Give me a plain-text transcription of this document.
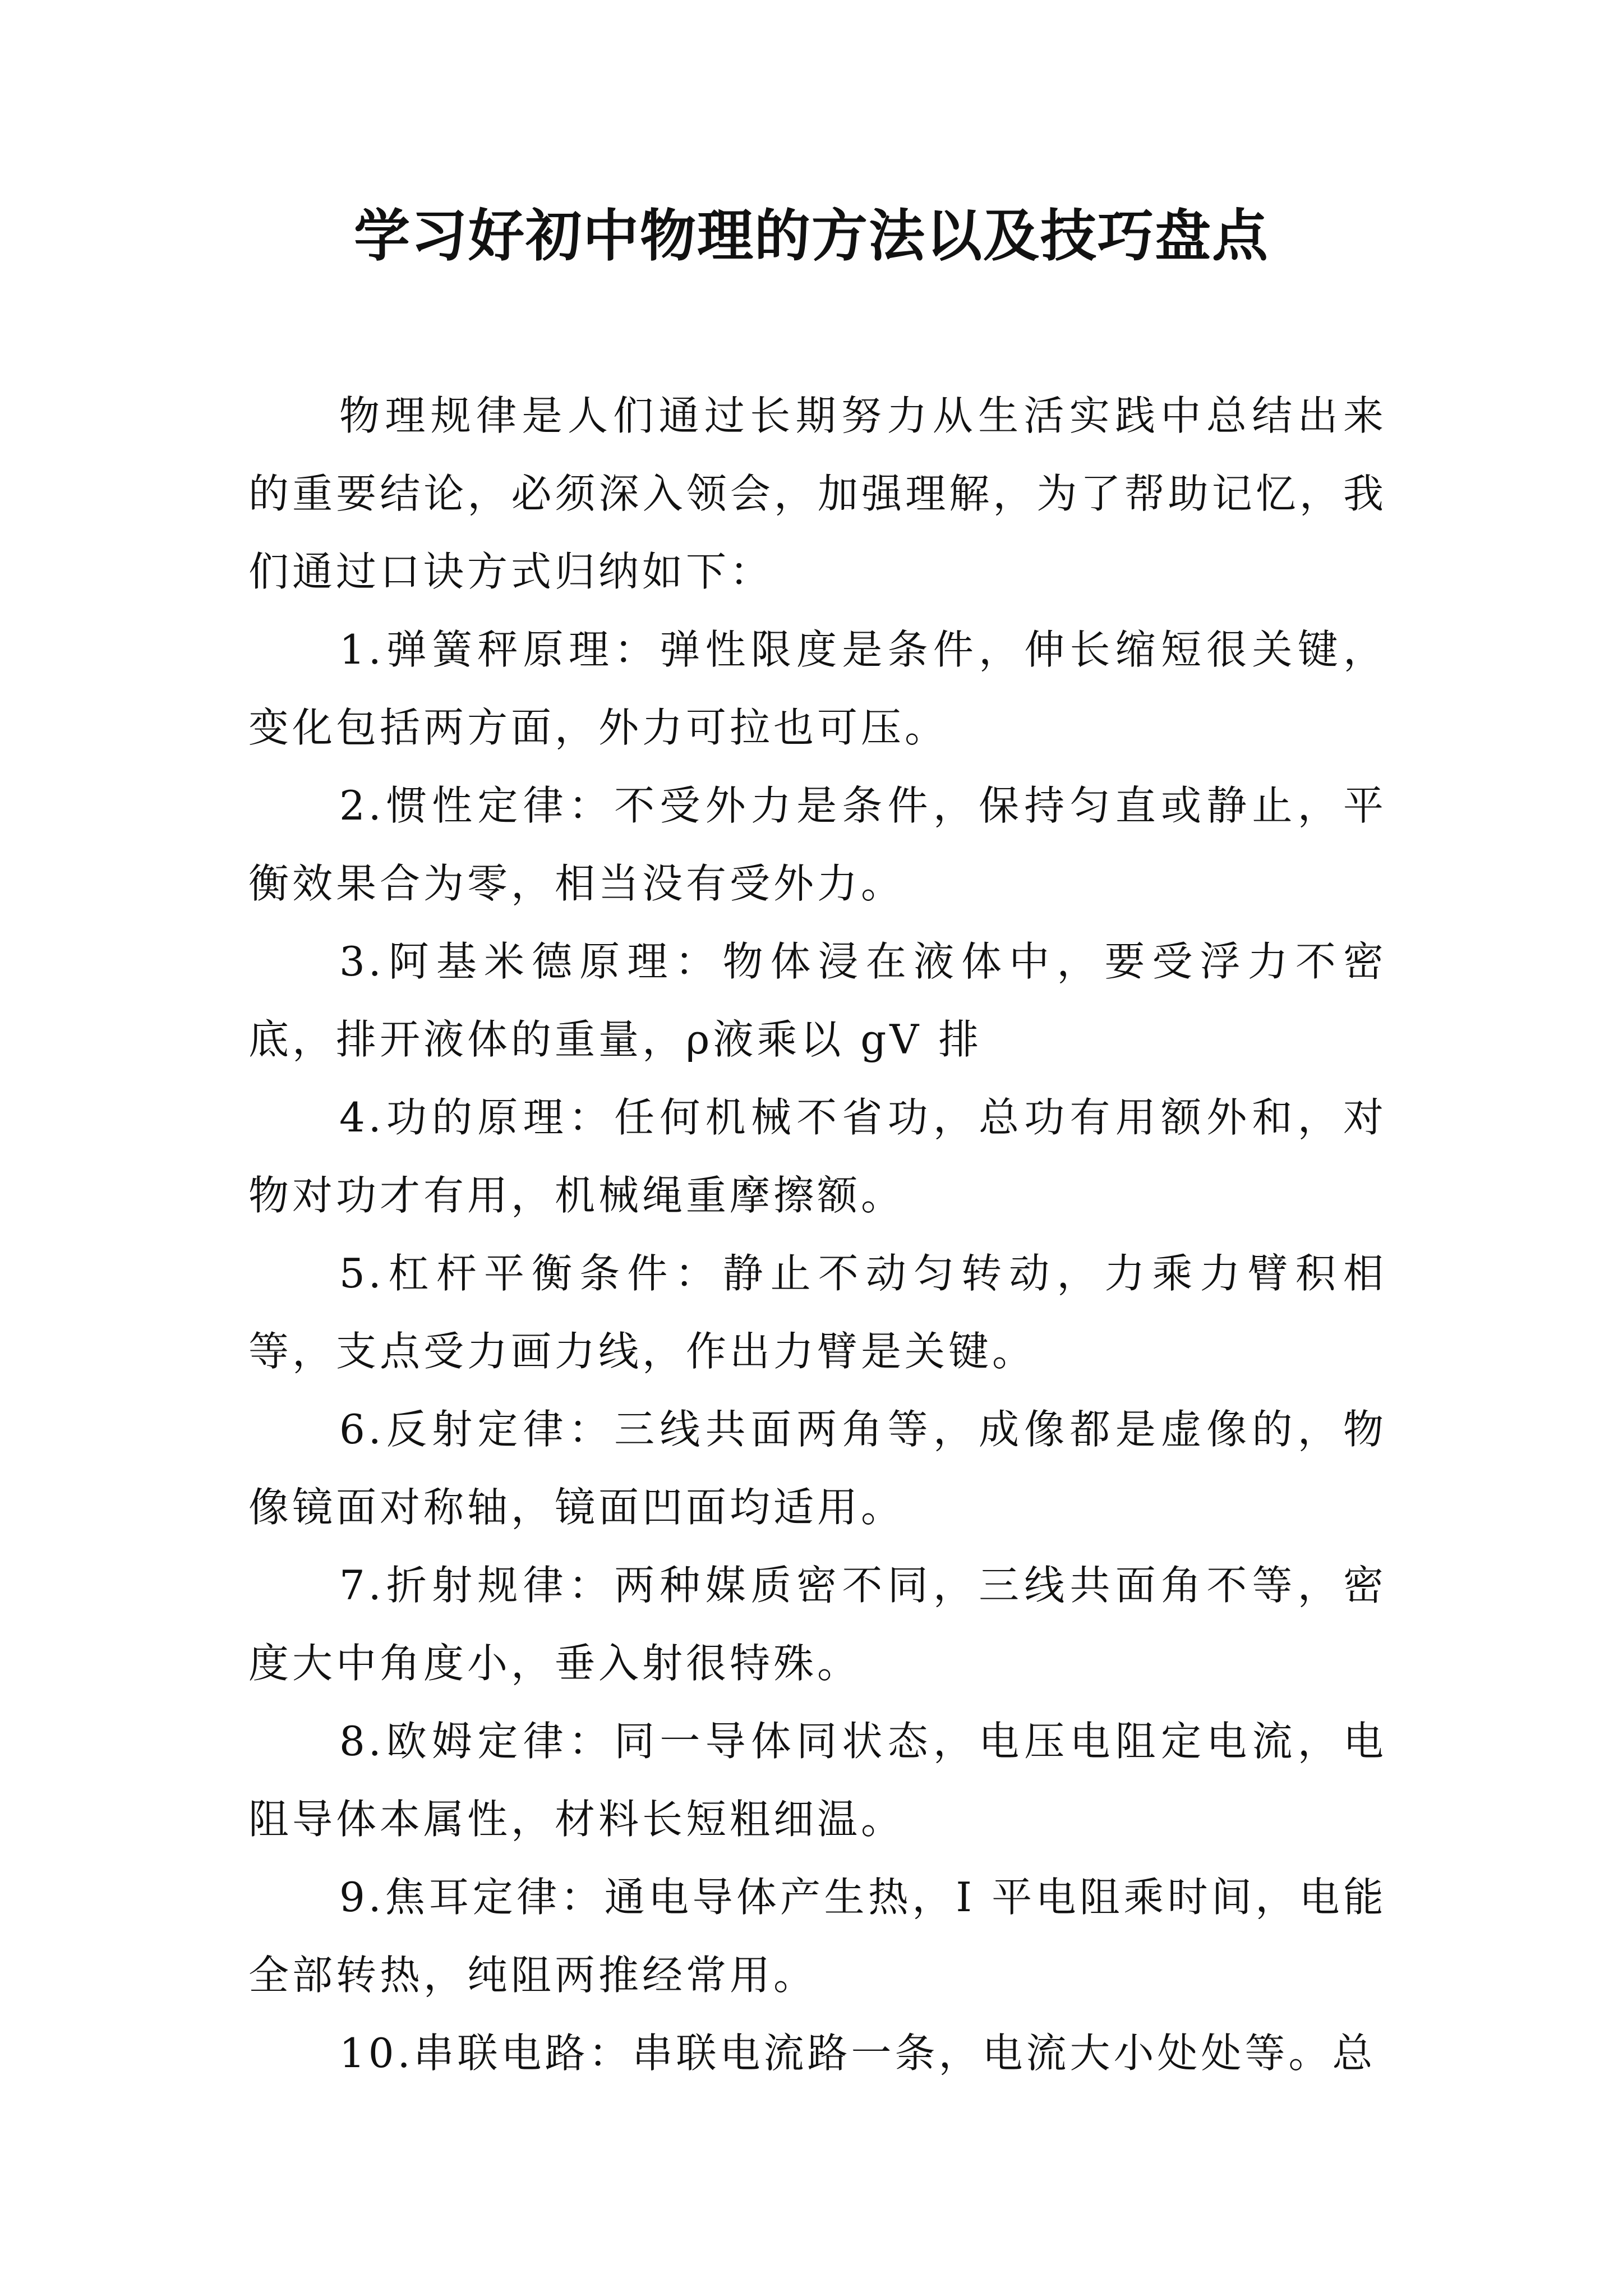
学习好初中物理的方法以及技巧盘点

物理规律是人们通过长期努力从生活实践中总结出来的重要结论，必须深入领会，加强理解，为了帮助记忆，我们通过口诀方式归纳如下：

1.弹簧秤原理：弹性限度是条件，伸长缩短很关键，变化包括两方面，外力可拉也可压。

2.惯性定律：不受外力是条件，保持匀直或静止，平衡效果合为零，相当没有受外力。

3.阿基米德原理：物体浸在液体中，要受浮力不密底，排开液体的重量，ρ液乘以 gV 排

4.功的原理：任何机械不省功，总功有用额外和，对物对功才有用，机械绳重摩擦额。

5.杠杆平衡条件：静止不动匀转动，力乘力臂积相等，支点受力画力线，作出力臂是关键。

6.反射定律：三线共面两角等，成像都是虚像的，物像镜面对称轴，镜面凹面均适用。

7.折射规律：两种媒质密不同，三线共面角不等，密度大中角度小，垂入射很特殊。

8.欧姆定律：同一导体同状态，电压电阻定电流，电阻导体本属性，材料长短粗细温。

9.焦耳定律：通电导体产生热，I 平电阻乘时间，电能全部转热，纯阻两推经常用。

10.串联电路：串联电流路一条，电流大小处处等。总
